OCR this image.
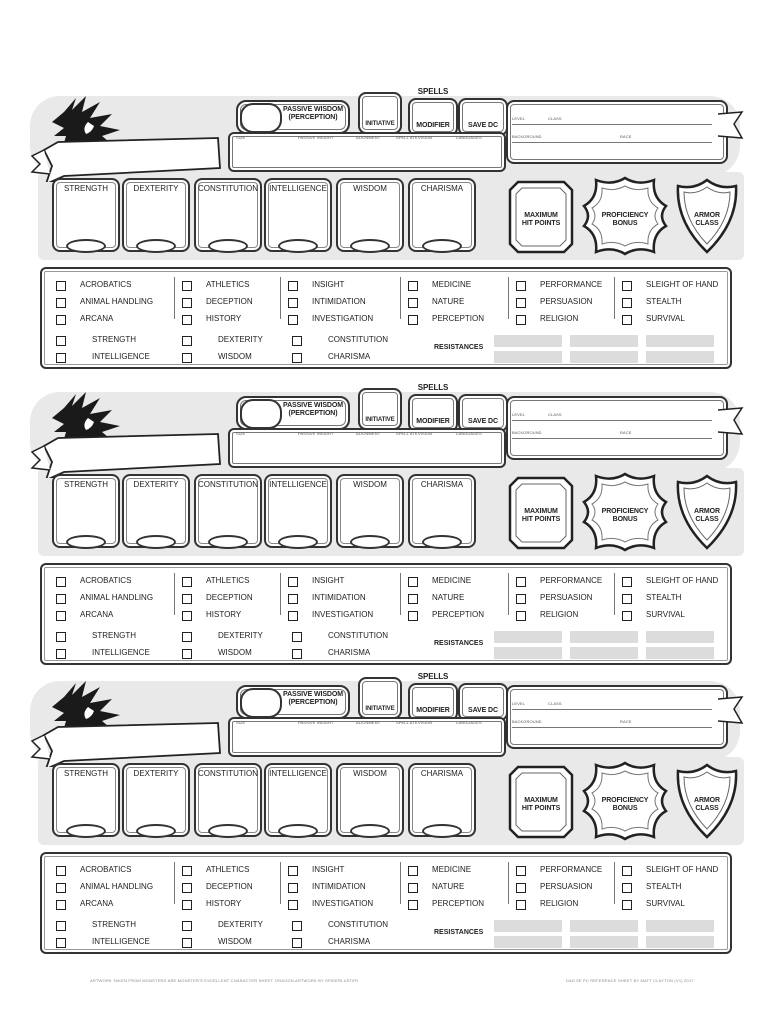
PASSIVE WISDOM
(PERCEPTION)
SPELLS
INITIATIVE	MODIFIER	SAVE DC
LEVEL	CLASS
BACKGROUND	RACE
SIZE	PASSIVE INSIGHT	ALIGNMENT	SPELL ATK VISION	LANGUAGES
STRENGTH	DEXTERITY	CONSTITUTION	INTELLIGENCE	WISDOM	CHARISMA
MAXIMUM
HIT POINTS
PROFICIENCY
BONUS
ARMOR
CLASS
ACROBATICS	ATHLETICS	INSIGHT	MEDICINE	PERFORMANCE	SLEIGHT OF HAND
ANIMAL HANDLING	DECEPTION	INTIMIDATION	NATURE	PERSUASION	STEALTH
ARCANA	HISTORY	INVESTIGATION	PERCEPTION	RELIGION	SURVIVAL
STRENGTH	DEXTERITY	CONSTITUTION
INTELLIGENCE	WISDOM	CHARISMA
RESISTANCES
PASSIVE WISDOM
(PERCEPTION)
SPELLS
INITIATIVE	MODIFIER	SAVE DC
LEVEL	CLASS
BACKGROUND	RACE
SIZE	PASSIVE INSIGHT	ALIGNMENT	SPELL ATK VISION	LANGUAGES
STRENGTH	DEXTERITY	CONSTITUTION	INTELLIGENCE	WISDOM	CHARISMA
MAXIMUM
HIT POINTS
PROFICIENCY
BONUS
ARMOR
CLASS
ACROBATICS	ATHLETICS	INSIGHT	MEDICINE	PERFORMANCE	SLEIGHT OF HAND
ANIMAL HANDLING	DECEPTION	INTIMIDATION	NATURE	PERSUASION	STEALTH
ARCANA	HISTORY	INVESTIGATION	PERCEPTION	RELIGION	SURVIVAL
STRENGTH	DEXTERITY	CONSTITUTION
INTELLIGENCE	WISDOM	CHARISMA
RESISTANCES
PASSIVE WISDOM
(PERCEPTION)
SPELLS
INITIATIVE	MODIFIER	SAVE DC
LEVEL	CLASS
BACKGROUND	RACE
SIZE	PASSIVE INSIGHT	ALIGNMENT	SPELL ATK VISION	LANGUAGES
STRENGTH	DEXTERITY	CONSTITUTION	INTELLIGENCE	WISDOM	CHARISMA
MAXIMUM
HIT POINTS
PROFICIENCY
BONUS
ARMOR
CLASS
ACROBATICS	ATHLETICS	INSIGHT	MEDICINE	PERFORMANCE	SLEIGHT OF HAND
ANIMAL HANDLING	DECEPTION	INTIMIDATION	NATURE	PERSUASION	STEALTH
ARCANA	HISTORY	INVESTIGATION	PERCEPTION	RELIGION	SURVIVAL
STRENGTH	DEXTERITY	CONSTITUTION
INTELLIGENCE	WISDOM	CHARISMA
RESISTANCES
ARTWORK TAKEN FROM MONSTERS ARE MONSTER'S EXCELLENT CHARACTER SHEET. DRAGON ARTWORK BY SPIDERLUSTER.	D&D 5E PC REFERENCE SHEET BY MATT CLAYTON (V1) 2017
